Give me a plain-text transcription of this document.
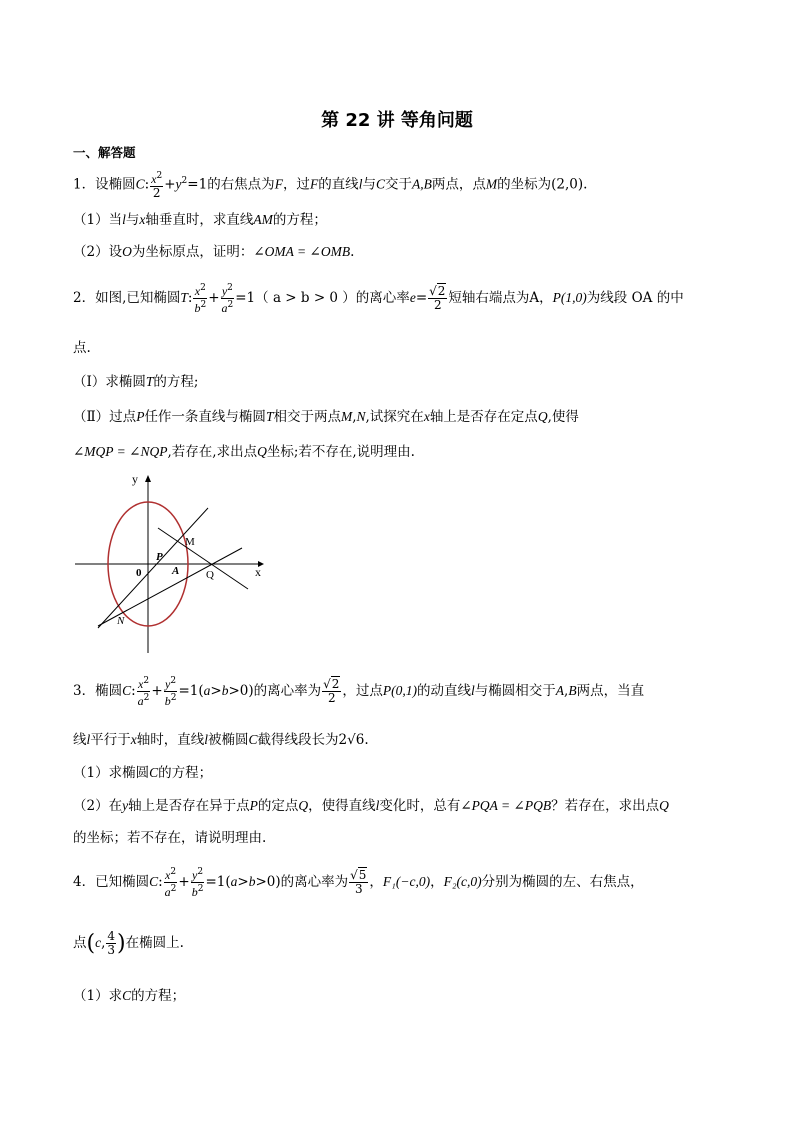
第 22 讲 等角问题
一、解答题
1．设椭圆C: $\frac{x^2}{2} +y^2=1$的右焦点为F，过F的直线l与C交于A,B两点，点M的坐标为(2,0).
（1）当l与x轴垂直时，求直线AM的方程；
（2）设O为坐标原点，证明：∠OMA = ∠OMB.
2．如图,已知椭圆T: $\frac{x^2}{b^2} + \frac{y^2}{a^2} =1$（ a > b > 0 ）的离心率$e= \frac{√2}{2}$ 短轴右端点为A，P(1,0)为线段 OA 的中
点.
（Ⅰ）求椭圆T的方程;
（Ⅱ）过点P任作一条直线与椭圆T相交于两点M,N,试探究在x轴上是否存在定点Q,使得
∠MQP = ∠NQP,若存在,求出点Q坐标;若不存在,说明理由.
y
x
0
P
A
M
Q
N
3．椭圆C: $\frac{x^2}{a^2} + \frac{y^2}{b^2} =1(a>b>0)$的离心率为 $\frac{√2}{2}$ ，过点P(0,1)的动直线l与椭圆相交于A,B两点，当直
线l平行于x轴时，直线l被椭圆C截得线段长为2√6.
（1）求椭圆C的方程；
（2）在y轴上是否存在异于点P的定点Q，使得直线l变化时，总有∠PQA = ∠PQB？若存在，求出点Q
的坐标；若不存在，请说明理由.
4．已知椭圆C: $\frac{x^2}{a^2} + \frac{y^2}{b^2} =1(a>b>0)$的离心率为 $\frac{√5}{3}$ ，F₁(−c,0)，F₂(c,0)分别为椭圆的左、右焦点，
点(c, $\frac{4}{3}$ )在椭圆上.
（1）求C的方程；
